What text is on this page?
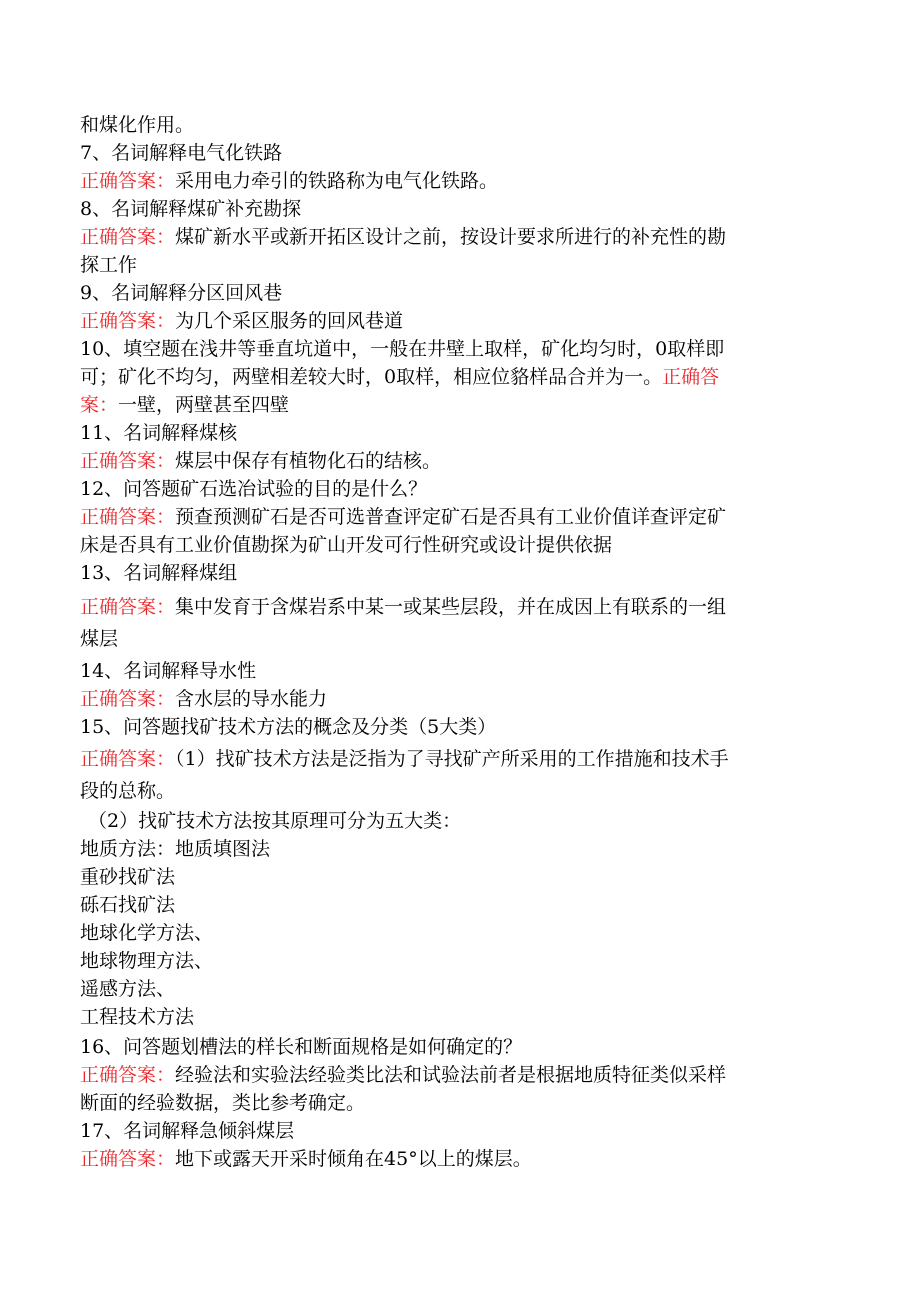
和煤化作用。
7、名词解释电气化铁路
正确答案：采用电力牵引的铁路称为电气化铁路。
8、名词解释煤矿补充勘探
正确答案：煤矿新水平或新开拓区设计之前，按设计要求所进行的补充性的勘
探工作
9、名词解释分区回风巷
正确答案：为几个采区服务的回风巷道
10、填空题在浅井等垂直坑道中，一般在井壁上取样，矿化均匀时，0取样即
可；矿化不均匀，两壁相差较大时，0取样，相应位貉样品合并为一。正确答
案：一壁，两壁甚至四壁
11、名词解释煤核
正确答案：煤层中保存有植物化石的结核。
12、问答题矿石选冶试验的目的是什么？
正确答案：预查预测矿石是否可选普查评定矿石是否具有工业价值详查评定矿
床是否具有工业价值勘探为矿山开发可行性研究或设计提供依据
13、名词解释煤组
正确答案：集中发育于含煤岩系中某一或某些层段，并在成因上有联系的一组
煤层
14、名词解释导水性
正确答案：含水层的导水能力
15、问答题找矿技术方法的概念及分类（5大类）
正确答案：（1）找矿技术方法是泛指为了寻找矿产所采用的工作措施和技术手
段的总称。
（2）找矿技术方法按其原理可分为五大类：
地质方法：地质填图法
重砂找矿法
砾石找矿法
地球化学方法、
地球物理方法、
遥感方法、
工程技术方法
16、问答题划槽法的样长和断面规格是如何确定的？
正确答案：经验法和实验法经验类比法和试验法前者是根据地质特征类似采样
断面的经验数据，类比参考确定。
17、名词解释急倾斜煤层
正确答案：地下或露天开采时倾角在45°以上的煤层。
